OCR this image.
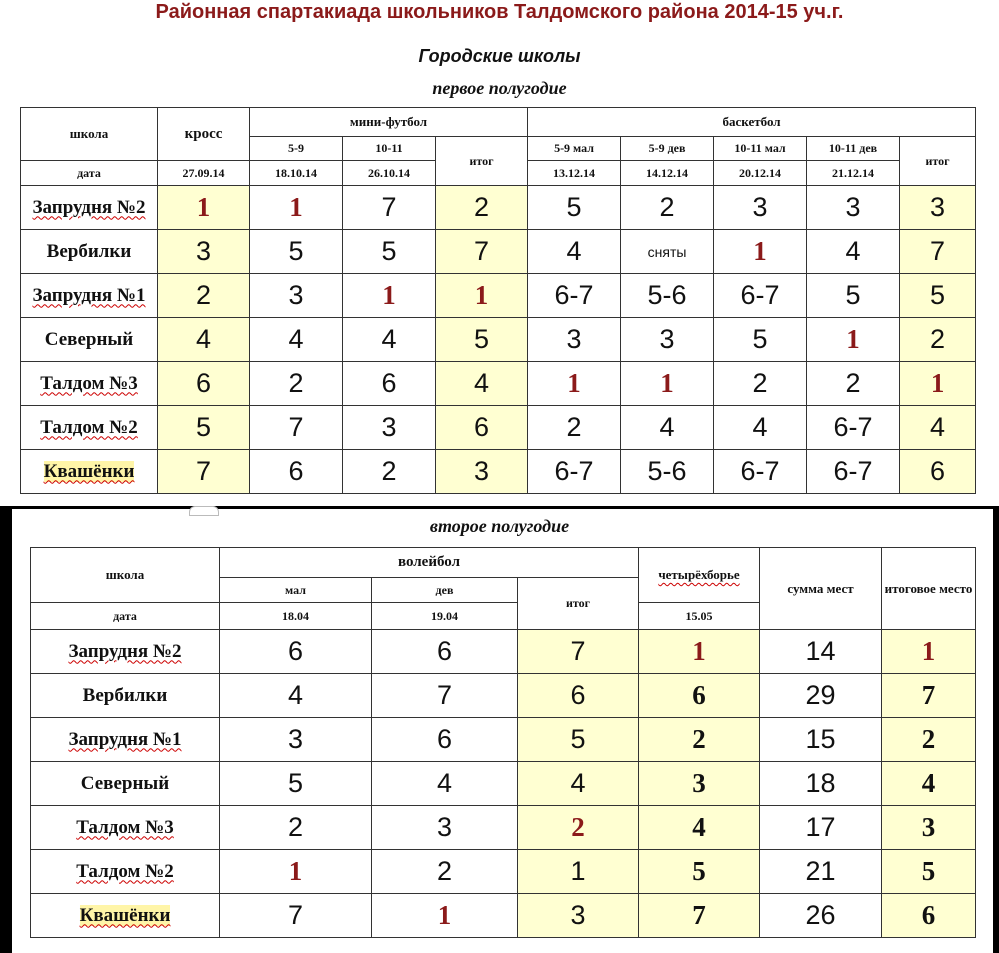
Районная спартакиада школьников Талдомского района 2014-15 уч.г.
Городские школы
первое полугодие
школа	кросс	мини-футбол			баскетбол				
		5-9	10-11	итог	5-9 мал	5-9 дев	10-11 мал	10-11 дев	итог
дата	27.09.14	18.10.14	26.10.14		13.12.14	14.12.14	20.12.14	21.12.14	
Запрудня №2	1	1	7	2	5	2	3	3	3
Вербилки	3	5	5	7	4	сняты	1	4	7
Запрудня №1	2	3	1	1	6-7	5-6	6-7	5	5
Северный	4	4	4	5	3	3	5	1	2
Талдом №3	6	2	6	4	1	1	2	2	1
Талдом №2	5	7	3	6	2	4	4	6-7	4
Квашёнки	7	6	2	3	6-7	5-6	6-7	6-7	6
второе полугодие
школа	волейбол			четырёхборье	сумма мест	итоговое место
	мал	дев	итог			
дата	18.04	19.04		15.05		
Запрудня №2	6	6	7	1	14	1
Вербилки	4	7	6	6	29	7
Запрудня №1	3	6	5	2	15	2
Северный	5	4	4	3	18	4
Талдом №3	2	3	2	4	17	3
Талдом №2	1	2	1	5	21	5
Квашёнки	7	1	3	7	26	6
